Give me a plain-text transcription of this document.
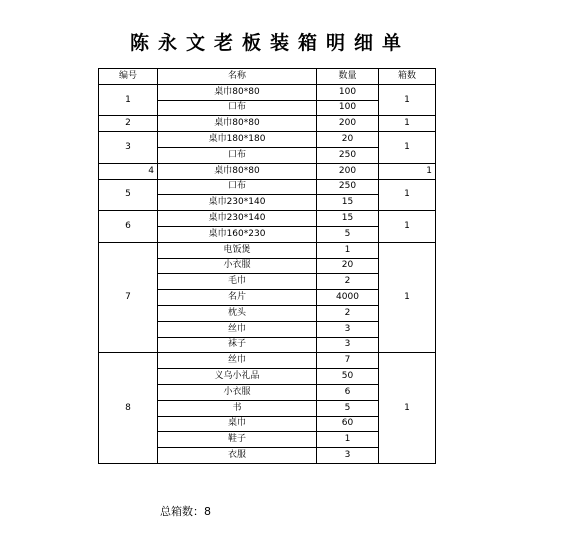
陈永文老板装箱明细单
编号	名称	数量	箱数
1	桌巾80*80	100	1
	口布	100	
2	桌巾80*80	200	1
3	桌巾180*180	20	1
	口布	250	
4	桌巾80*80	200	1
5	口布	250	1
	桌巾230*140	15	
6	桌巾230*140	15	1
	桌巾160*230	5	
7	电饭煲	1	1
	小衣服	20	
	毛巾	2	
	名片	4000	
	枕头	2	
	丝巾	3	
	袜子	3	
8	丝巾	7	1
	义乌小礼品	50	
	小衣服	6	
	书	5	
	桌巾	60	
	鞋子	1	
	衣服	3	
总箱数：8
